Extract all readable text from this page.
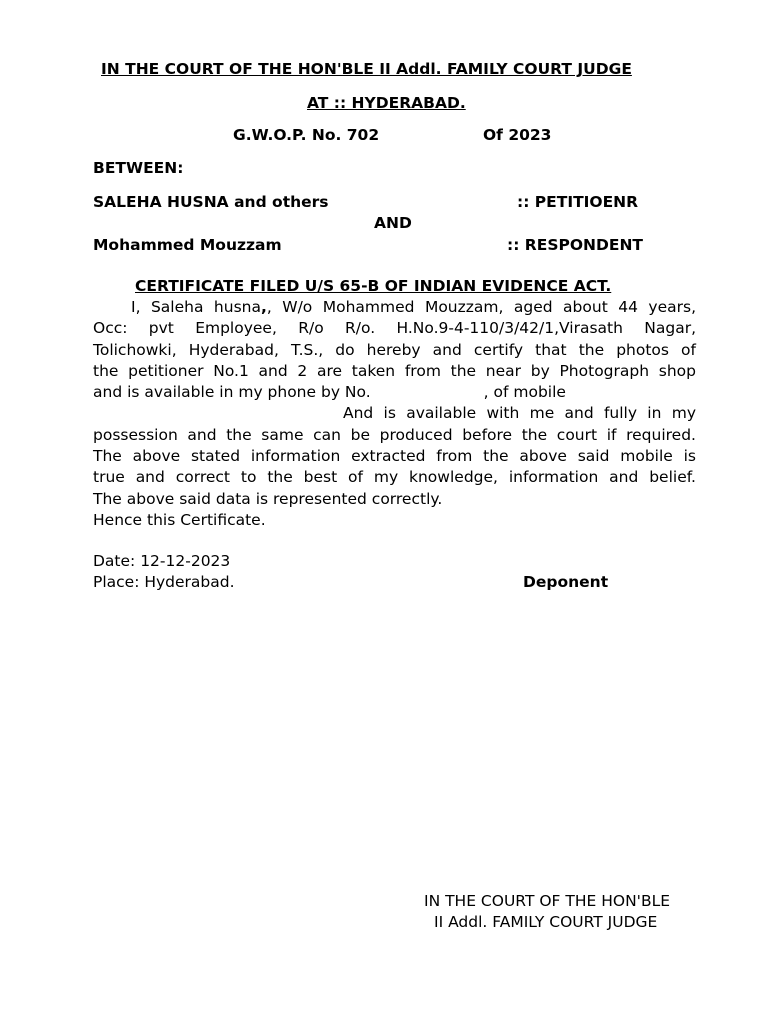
IN THE COURT OF THE HON'BLE II Addl. FAMILY COURT JUDGE
AT :: HYDERABAD.
G.W.O.P. No. 702	Of 2023
BETWEEN:
SALEHA HUSNA and others	:: PETITIOENR
AND
Mohammed Mouzzam	:: RESPONDENT
CERTIFICATE FILED U/S 65-B OF INDIAN EVIDENCE ACT.
I, Saleha husna,, W/o Mohammed Mouzzam, aged about 44 years,
Occ: pvt Employee, R/o R/o. H.No.9-4-110/3/42/1,Virasath Nagar,
Tolichowki, Hyderabad, T.S., do hereby and certify that the photos of
the petitioner No.1 and 2 are taken from the near by Photograph shop
and is available in my phone by No.	, of mobile
And is available with me and fully in my
possession and the same can be produced before the court if required.
The above stated information extracted from the above said mobile is
true and correct to the best of my knowledge, information and belief.
The above said data is represented correctly.
Hence this Certificate.
Date: 12-12-2023
Place: Hyderabad.	Deponent
IN THE COURT OF THE HON'BLE
II Addl. FAMILY COURT JUDGE
